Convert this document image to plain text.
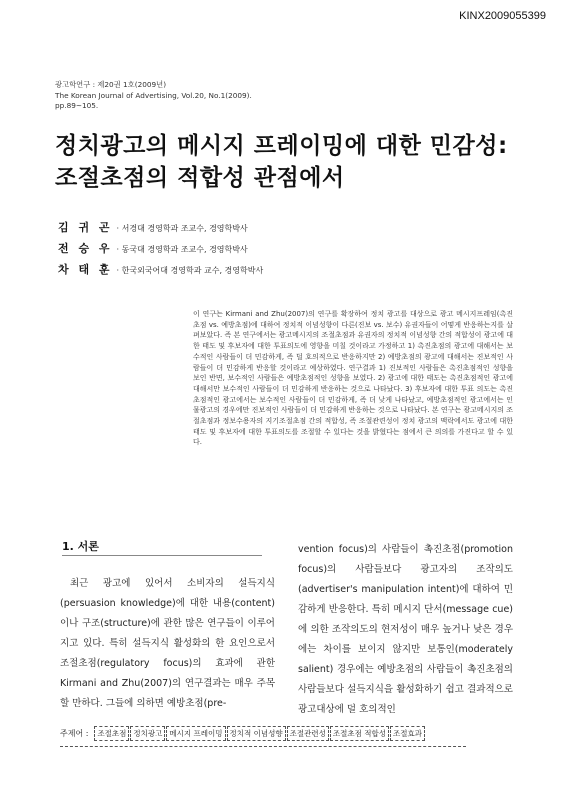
KINX2009055399
광고학연구 : 제20권 1호(2009년)
The Korean Journal of Advertising, Vol.20, No.1(2009).
pp.89~105.
정치광고의 메시지 프레이밍에 대한 민감성:
조절초점의 적합성 관점에서
김 귀 곤 · 서경대 경영학과 조교수, 경영학박사
전 승 우 · 동국대 경영학과 조교수, 경영학박사
차 태 훈 · 한국외국어대 경영학과 교수, 경영학박사
이 연구는 Kirmani and Zhu(2007)의 연구를 확장하여 정치 광고를 대상으로 광고 메시지프레임(촉진초점 vs. 예방초점)에 대하여 정치적 이념성향이 다른(진보 vs. 보수) 유권자들이 어떻게 반응하는지를 살펴보았다. 즉 본 연구에서는 광고메시지의 조절초점과 유권자의 정치적 이념성향 간의 적합성이 광고에 대한 태도 및 후보자에 대한 투표의도에 영향을 미칠 것이라고 가정하고 1) 촉진초점의 광고에 대해서는 보수적인 사람들이 더 민감하게, 즉 덜 호의적으로 반응하지만 2) 예방초점의 광고에 대해서는 진보적인 사람들이 더 민감하게 반응할 것이라고 예상하였다. 연구결과 1) 진보적인 사람들은 촉진초점적인 성향을 보인 반면, 보수적인 사람들은 예방초점적인 성향을 보였다. 2) 광고에 대한 태도는 촉진초점적인 광고에 대해서만 보수적인 사람들이 더 민감하게 반응하는 것으로 나타났다. 3) 후보자에 대한 투표 의도는 촉진초점적인 광고에서는 보수적인 사람들이 더 민감하게, 즉 더 낮게 나타났고, 예방초점적인 광고에서는 인물광고의 경우에만 진보적인 사람들이 더 민감하게 반응하는 것으로 나타났다. 본 연구는 광고메시지의 조절초점과 정보수용자의 지기조절초점 간의 적합성, 즉 조절관련성이 정치 광고의 맥락에서도 광고에 대한 태도 및 후보자에 대한 투표의도를 조절할 수 있다는 것을 밝혔다는 점에서 큰 의의를 가진다고 할 수 있다.
1. 서론

최근 광고에 있어서 소비자의 설득지식(persuasion knowledge)에 대한 내용(content)이나 구조(structure)에 관한 많은 연구들이 이루어지고 있다. 특히 설득지식 활성화의 한 요인으로서 조절초점(regulatory focus)의 효과에 관한 Kirmani and Zhu(2007)의 연구결과는 매우 주목할 만하다. 그들에 의하면 예방초점(pre-

vention focus)의 사람들이 촉진초점(promotion focus)의 사람들보다 광고자의 조작의도(advertiser's manipulation intent)에 대하여 민감하게 반응한다. 특히 메시지 단서(message cue)에 의한 조작의도의 현저성이 매우 높거나 낮은 경우에는 차이를 보이지 않지만 보통인(moderately salient) 경우에는 예방초점의 사람들이 촉진초점의 사람들보다 설득지식을 활성화하기 쉽고 결과적으로 광고대상에 덜 호의적인

주제어 : 조절초점 정치광고 메시지 프레이밍 정치적 이념성향 조절관련성 조절초점 적합성 조절효과
